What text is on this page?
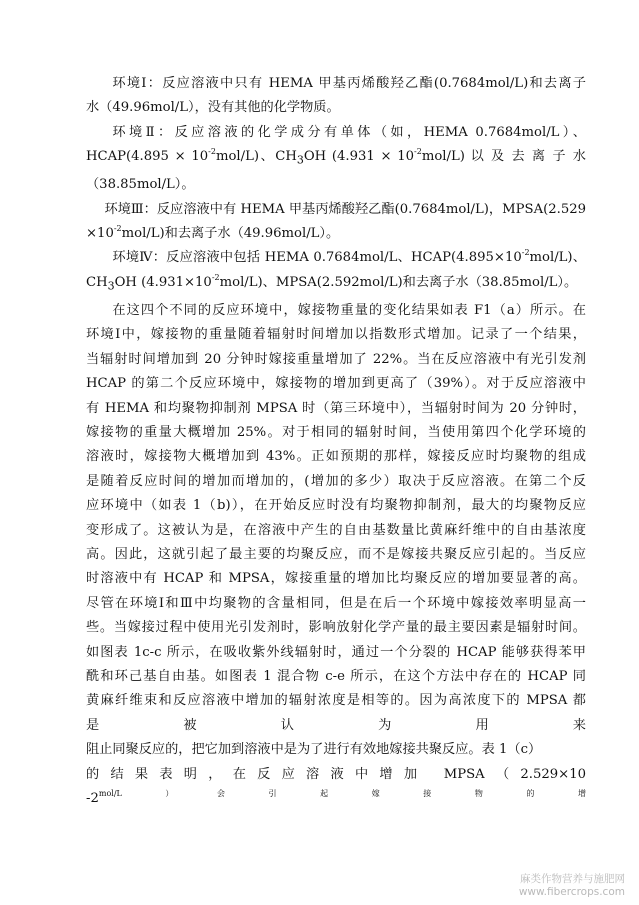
环境Ⅰ：反应溶液中只有 HEMA 甲基丙烯酸羟乙酯(0.7684mol/L)和去离子

水（49.96mol/L），没有其他的化学物质。

环境Ⅱ：反应溶液的化学成分有单体（如，HEMA 0.7684mol/L）、

HCAP(4.895 × $10^{-2}mol/L$)、$CH_3OH$ $(4.931 \times 10^{-2}mol/L)$ 以 及 去 离 子 水

（38.85mol/L）。

环境Ⅲ：反应溶液中有 HEMA 甲基丙烯酸羟乙酯(0.7684mol/L)，MPSA(2.529

$\times 10^{-2}mol/L$)和去离子水（49.96mol/L）。

环境Ⅳ：反应溶液中包括 HEMA 0.7684mol/L、$HCAP(4.895\times 10^{-2}mol/L)$、

$CH_3OH$ $(4.931\times 10^{-2}mol/L)$、MPSA(2.592mol/L)和去离子水（38.85mol/L）。

在这四个不同的反应环境中，嫁接物重量的变化结果如表 F1（a）所示。在

环境Ⅰ中，嫁接物的重量随着辐射时间增加以指数形式增加。记录了一个结果，

当辐射时间增加到 20 分钟时嫁接重量增加了 22%。当在反应溶液中有光引发剂

HCAP 的第二个反应环境中，嫁接物的增加到更高了（39%）。对于反应溶液中

有 HEMA 和均聚物抑制剂 MPSA 时（第三环境中），当辐射时间为 20 分钟时，

嫁接物的重量大概增加 25%。对于相同的辐射时间，当使用第四个化学环境的

溶液时，嫁接物大概增加到 43%。正如预期的那样，嫁接反应时均聚物的组成

是随着反应时间的增加而增加的，(增加的多少）取决于反应溶液。在第二个反

应环境中（如表 1（b)），在开始反应时没有均聚物抑制剂，最大的均聚物反应

变形成了。这被认为是，在溶液中产生的自由基数量比黄麻纤维中的自由基浓度

高。因此，这就引起了最主要的均聚反应，而不是嫁接共聚反应引起的。当反应

时溶液中有 HCAP 和 MPSA，嫁接重量的增加比均聚反应的增加要显著的高。

尽管在环境Ⅰ和Ⅲ中均聚物的含量相同，但是在后一个环境中嫁接效率明显高一

些。当嫁接过程中使用光引发剂时，影响放射化学产量的最主要因素是辐射时间。

如图表 1c-c 所示，在吸收紫外线辐射时，通过一个分裂的 HCAP 能够获得苯甲

酰和环己基自由基。如图表 1 混合物 c-e 所示，在这个方法中存在的 HCAP 同

黄麻纤维束和反应溶液中增加的辐射浓度是相等的。因为高浓度下的 MPSA 都

是被认为用来

阻止同聚反应的，把它加到溶液中是为了进行有效地嫁接共聚反应。表 1（c）

的结果表明，在反应溶液中增加 MPSA（2.529×10

$-2^{mol/L)会引起嫁接物的增}$

麻类作物营养与施肥网
www.fibercrops.com
